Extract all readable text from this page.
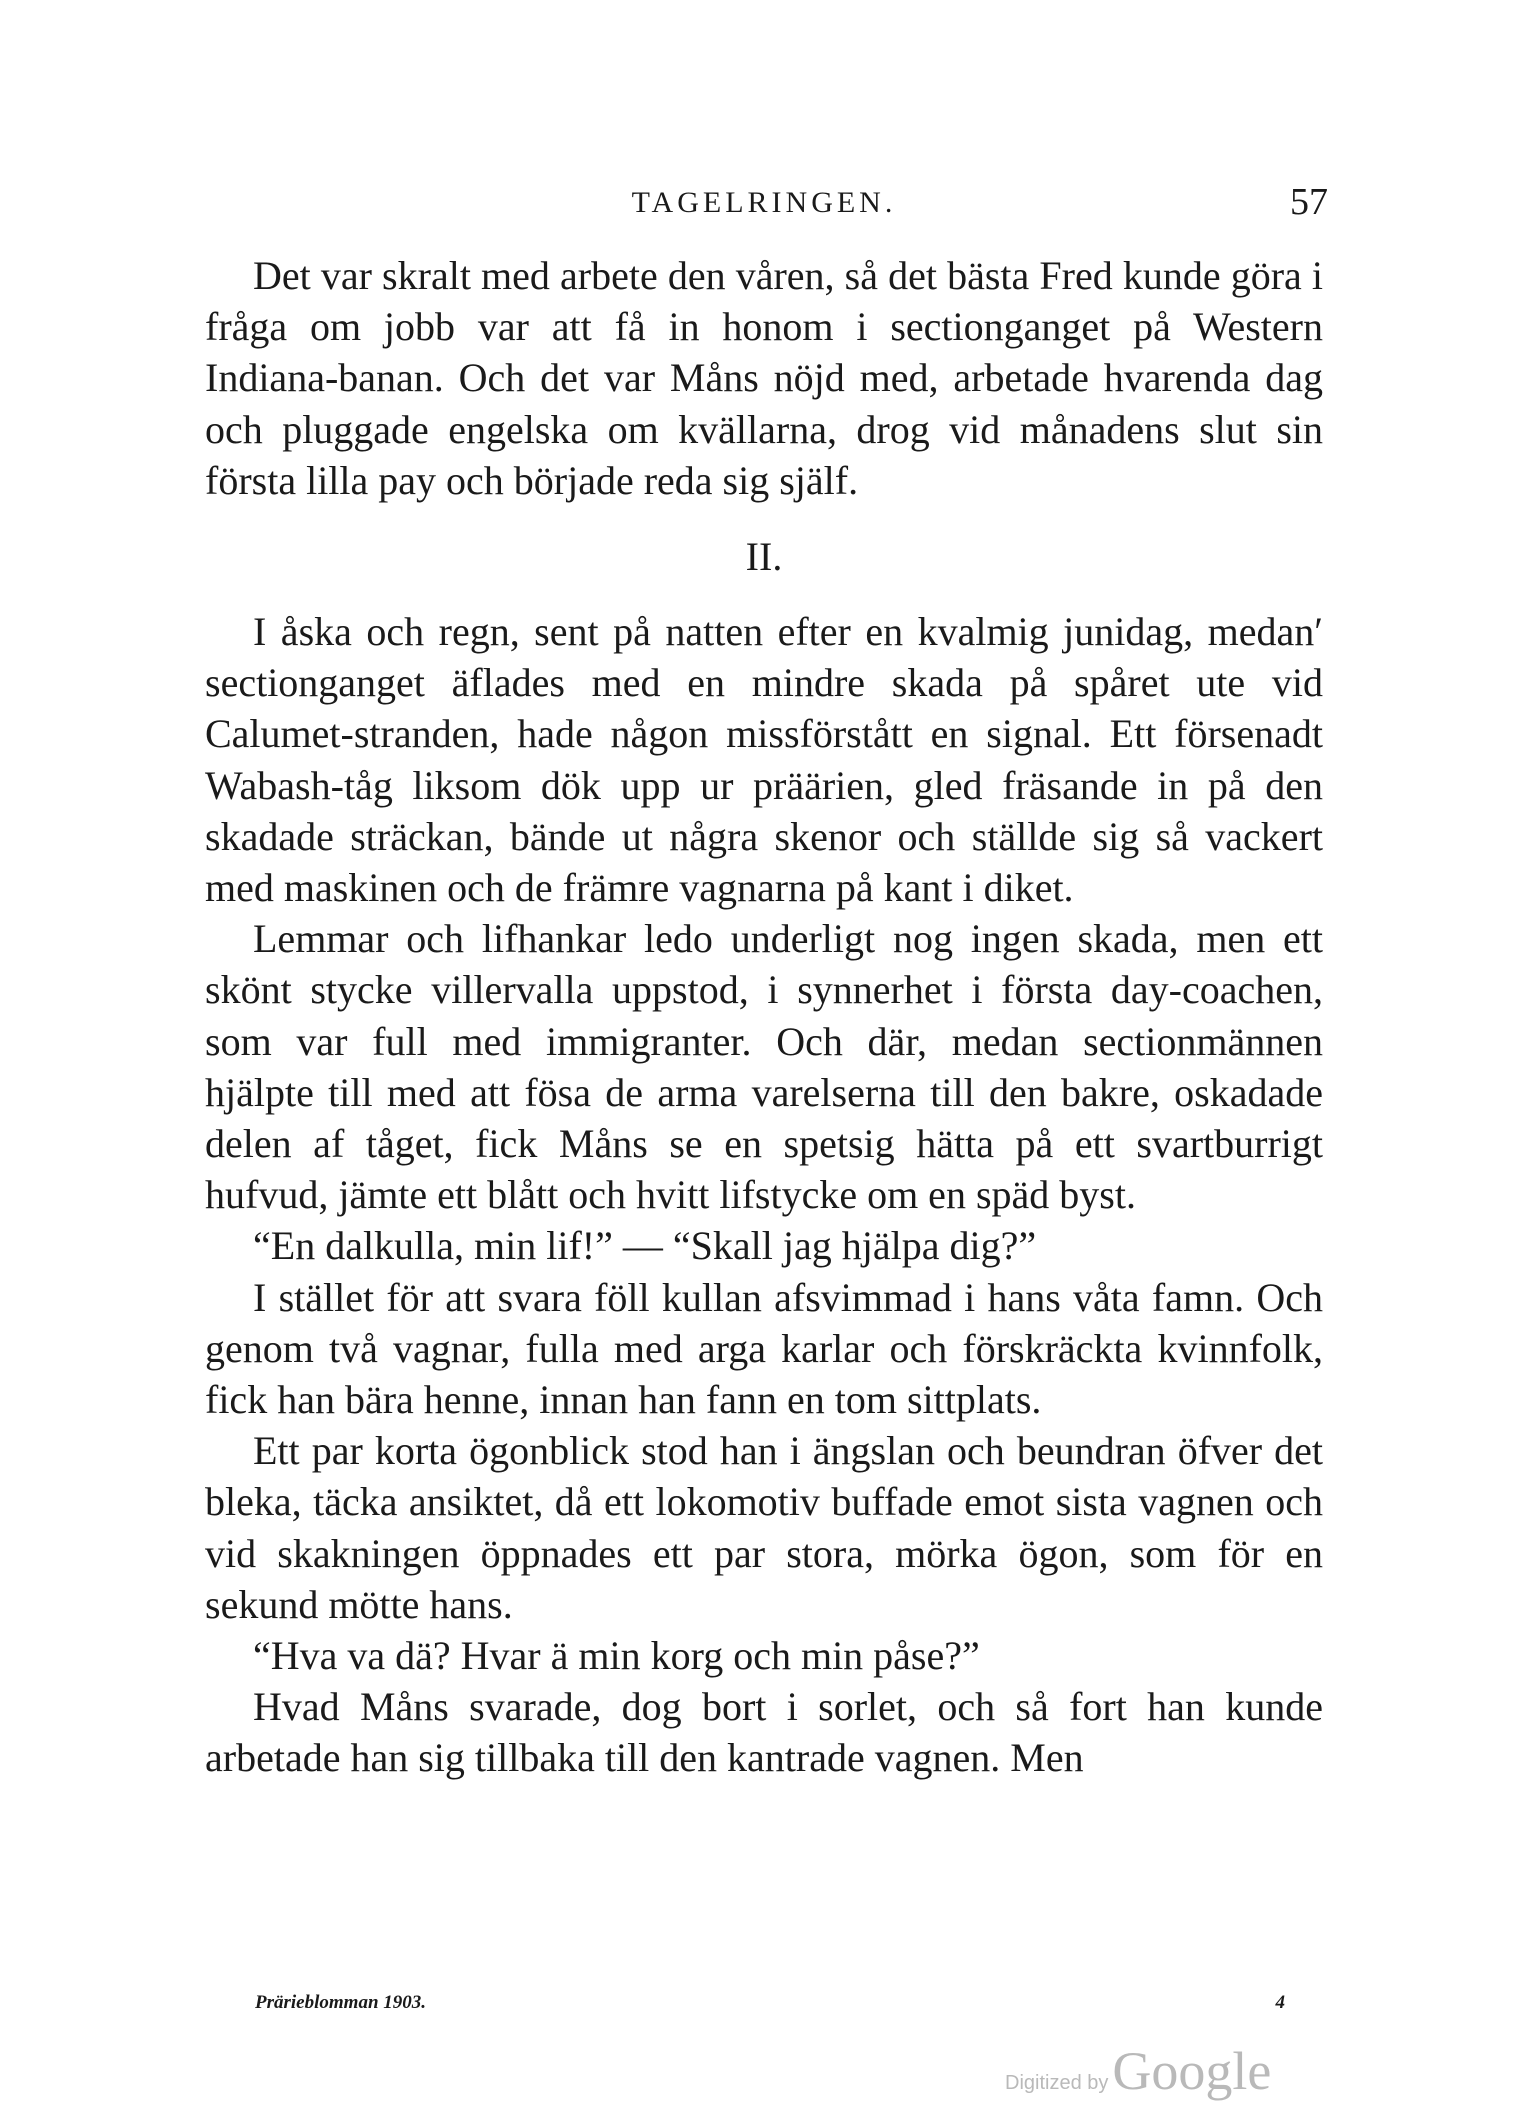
TAGELRINGEN.	57

Det var skralt med arbete den våren, så det bästa Fred kunde göra i fråga om jobb var att få in honom i sectionganget på Western Indiana-banan. Och det var Måns nöjd med, arbetade hvarenda dag och pluggade engelska om kvällarna, drog vid månadens slut sin första lilla pay och började reda sig själf.

II.

I åska och regn, sent på natten efter en kvalmig junidag, medan′ sectionganget äflades med en mindre skada på spåret ute vid Calumet-stranden, hade någon missförstått en signal. Ett försenadt Wabash-tåg liksom dök upp ur präärien, gled fräsande in på den skadade sträckan, bände ut några skenor och ställde sig så vackert med maskinen och de främre vagnarna på kant i diket.

Lemmar och lifhankar ledo underligt nog ingen skada, men ett skönt stycke villervalla uppstod, i synnerhet i första day-coachen, som var full med immigranter. Och där, medan sectionmännen hjälpte till med att fösa de arma varelserna till den bakre, oskadade delen af tåget, fick Måns se en spetsig hätta på ett svartburrigt hufvud, jämte ett blått och hvitt lifstycke om en späd byst.

“En dalkulla, min lif!” — “Skall jag hjälpa dig?”

I stället för att svara föll kullan afsvimmad i hans våta famn. Och genom två vagnar, fulla med arga karlar och förskräckta kvinnfolk, fick han bära henne, innan han fann en tom sittplats.

Ett par korta ögonblick stod han i ängslan och beundran öfver det bleka, täcka ansiktet, då ett lokomotiv buffade emot sista vagnen och vid skakningen öppnades ett par stora, mörka ögon, som för en sekund mötte hans.

“Hva va dä? Hvar ä min korg och min påse?”

Hvad Måns svarade, dog bort i sorlet, och så fort han kunde arbetade han sig tillbaka till den kantrade vagnen. Men

Prärieblomman 1903.	4
Digitized by Google
